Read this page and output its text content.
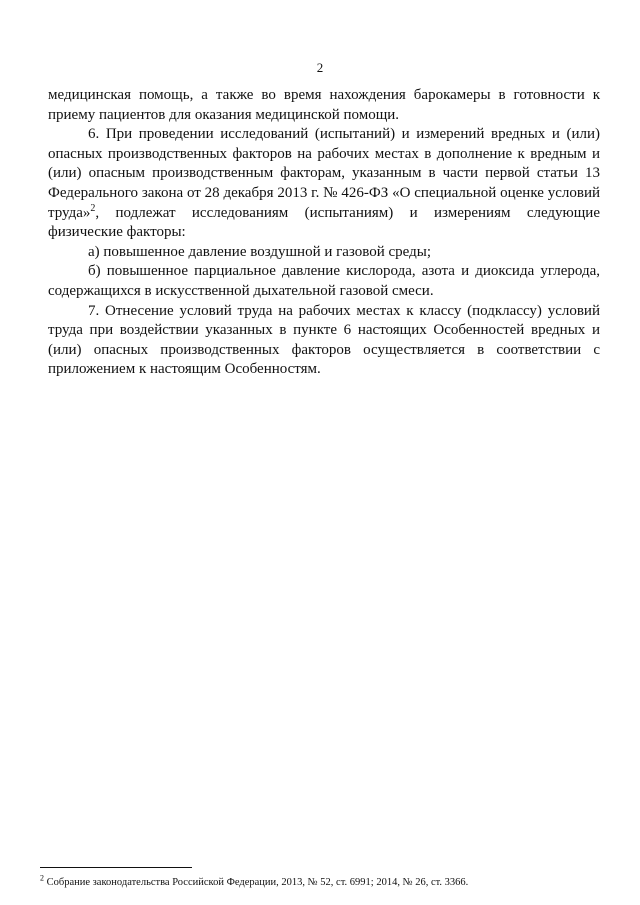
2

медицинская помощь, а также во время нахождения барокамеры в готовности к приему пациентов для оказания медицинской помощи.

6. При проведении исследований (испытаний) и измерений вредных и (или) опасных производственных факторов на рабочих местах в дополнение к вредным и (или) опасным производственным факторам, указанным в части первой статьи 13 Федерального закона от 28 декабря 2013 г. № 426-ФЗ «О специальной оценке условий труда»$^2$, подлежат исследованиям (испытаниям) и измерениям следующие физические факторы:

а) повышенное давление воздушной и газовой среды;

б) повышенное парциальное давление кислорода, азота и диоксида углерода, содержащихся в искусственной дыхательной газовой смеси.

7. Отнесение условий труда на рабочих местах к классу (подклассу) условий труда при воздействии указанных в пункте 6 настоящих Особенностей вредных и (или) опасных производственных факторов осуществляется в соответствии с приложением к настоящим Особенностям.

$^2$ Собрание законодательства Российской Федерации, 2013, № 52, ст. 6991; 2014, № 26, ст. 3366.
